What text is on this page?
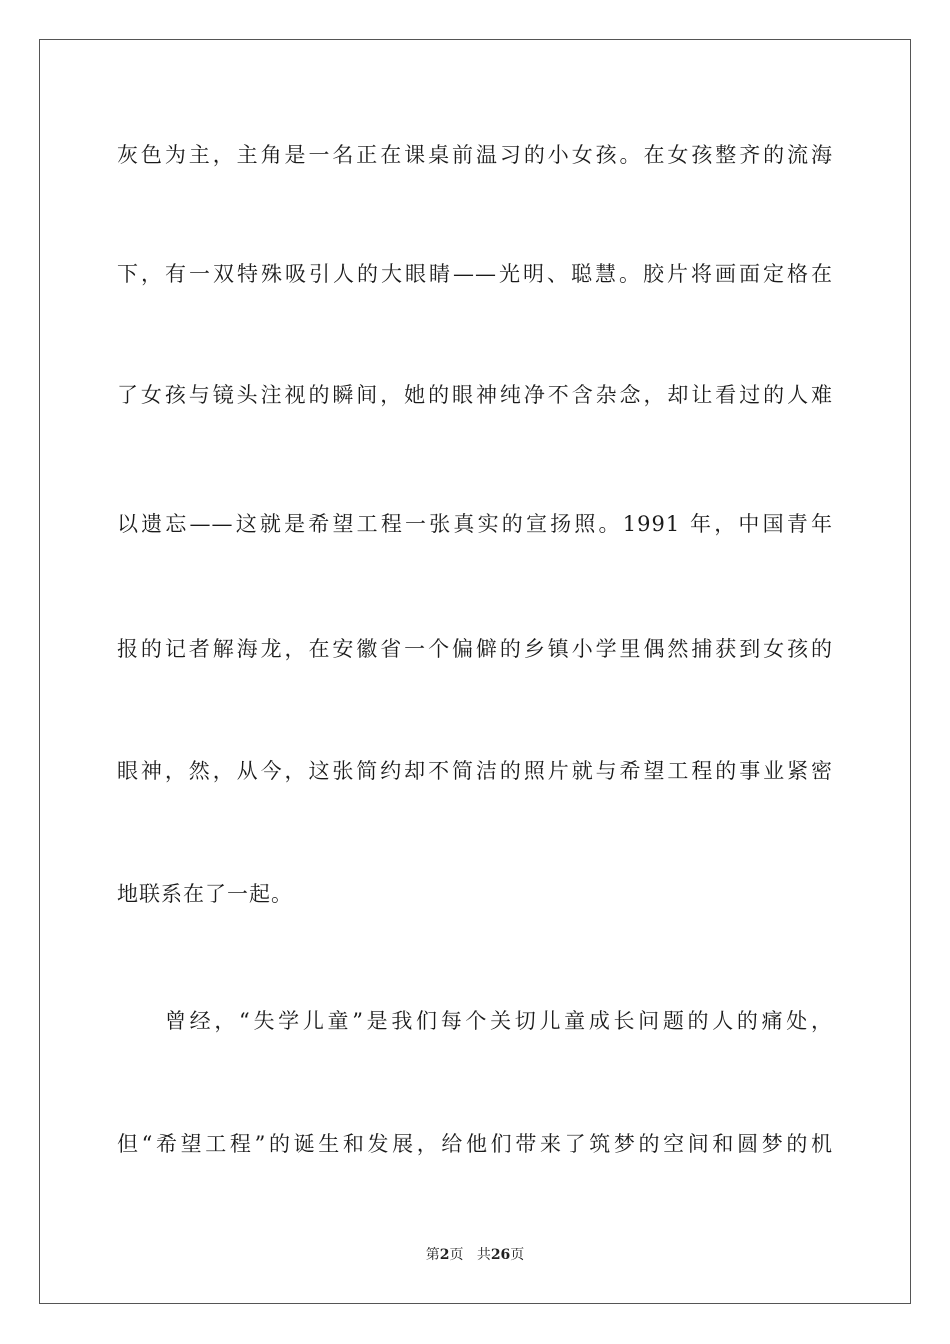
灰色为主，主角是一名正在课桌前温习的小女孩。在女孩整齐的流海
下，有一双特殊吸引人的大眼睛——光明、聪慧。胶片将画面定格在
了女孩与镜头注视的瞬间，她的眼神纯净不含杂念，却让看过的人难
以遗忘——这就是希望工程一张真实的宣扬照。1991 年，中国青年
报的记者解海龙，在安徽省一个偏僻的乡镇小学里偶然捕获到女孩的
眼神，然，从今，这张简约却不简洁的照片就与希望工程的事业紧密
地联系在了一起。
曾经，“失学儿童”是我们每个关切儿童成长问题的人的痛处，
但“希望工程”的诞生和发展，给他们带来了筑梦的空间和圆梦的机
第2页 共26页
